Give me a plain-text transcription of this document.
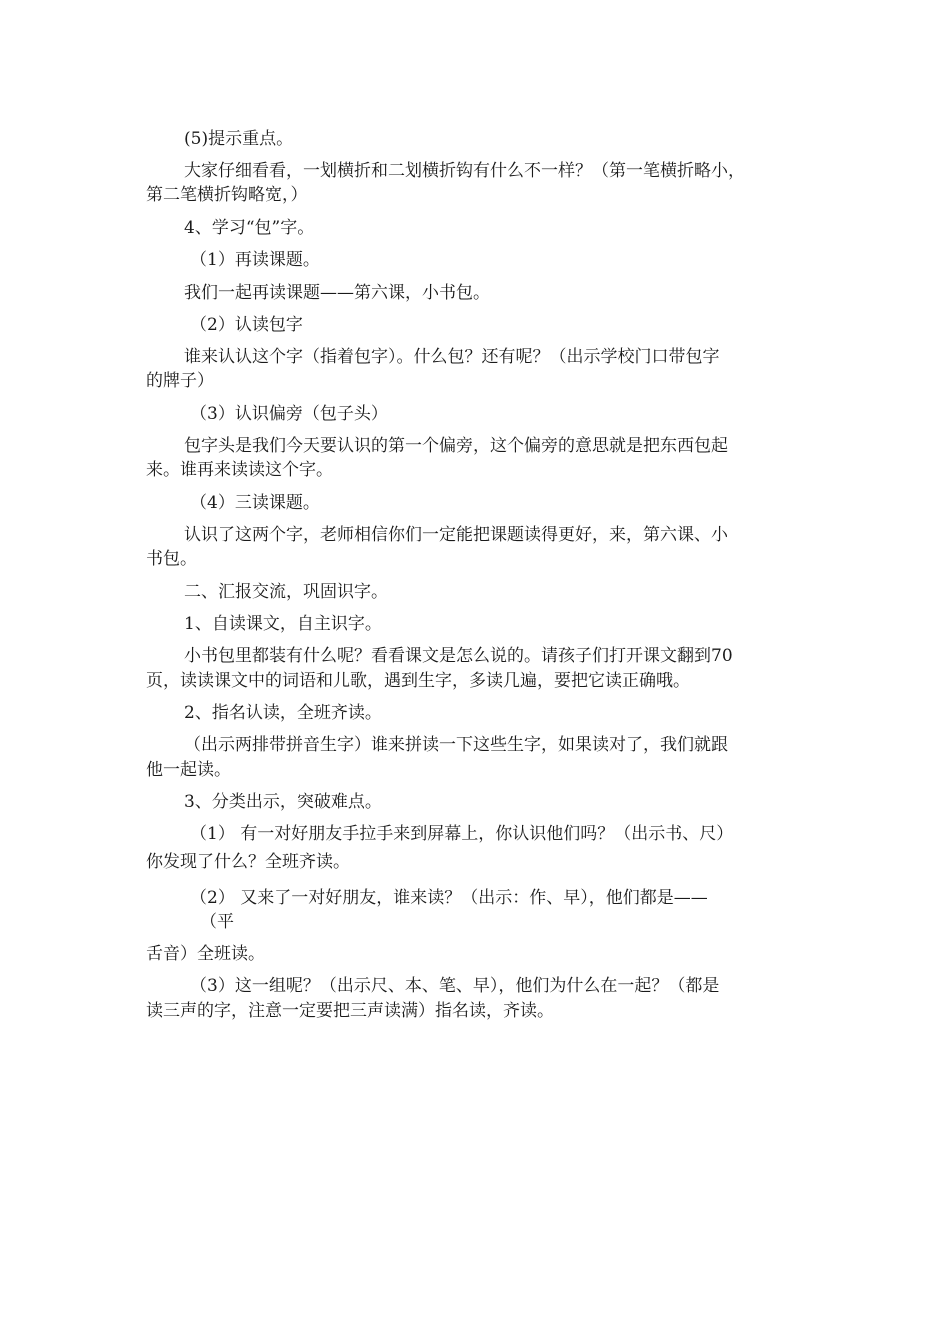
(5)提示重点。
大家仔细看看，一划横折和二划横折钩有什么不一样？（第一笔横折略小，
第二笔横折钩略宽，）
4、学习“包”字。
（1）再读课题。
我们一起再读课题——第六课，小书包。
（2）认读包字
谁来认认这个字（指着包字）。什么包？还有呢？（出示学校门口带包字
的牌子）
（3）认识偏旁（包子头）
包字头是我们今天要认识的第一个偏旁，这个偏旁的意思就是把东西包起
来。谁再来读读这个字。
（4）三读课题。
认识了这两个字，老师相信你们一定能把课题读得更好，来，第六课、小
书包。
二、汇报交流，巩固识字。
1、自读课文，自主识字。
小书包里都装有什么呢？看看课文是怎么说的。请孩子们打开课文翻到70
页，读读课文中的词语和儿歌，遇到生字，多读几遍，要把它读正确哦。
2、指名认读，全班齐读。
（出示两排带拼音生字）谁来拼读一下这些生字，如果读对了，我们就跟
他一起读。
3、分类出示，突破难点。
（1） 有一对好朋友手拉手来到屏幕上，你认识他们吗？（出示书、尺）
你发现了什么？全班齐读。
（2） 又来了一对好朋友，谁来读？（出示：作、早），他们都是——
（平
舌音）全班读。
（3）这一组呢？（出示尺、本、笔、早），他们为什么在一起？（都是
读三声的字，注意一定要把三声读满）指名读，齐读。
